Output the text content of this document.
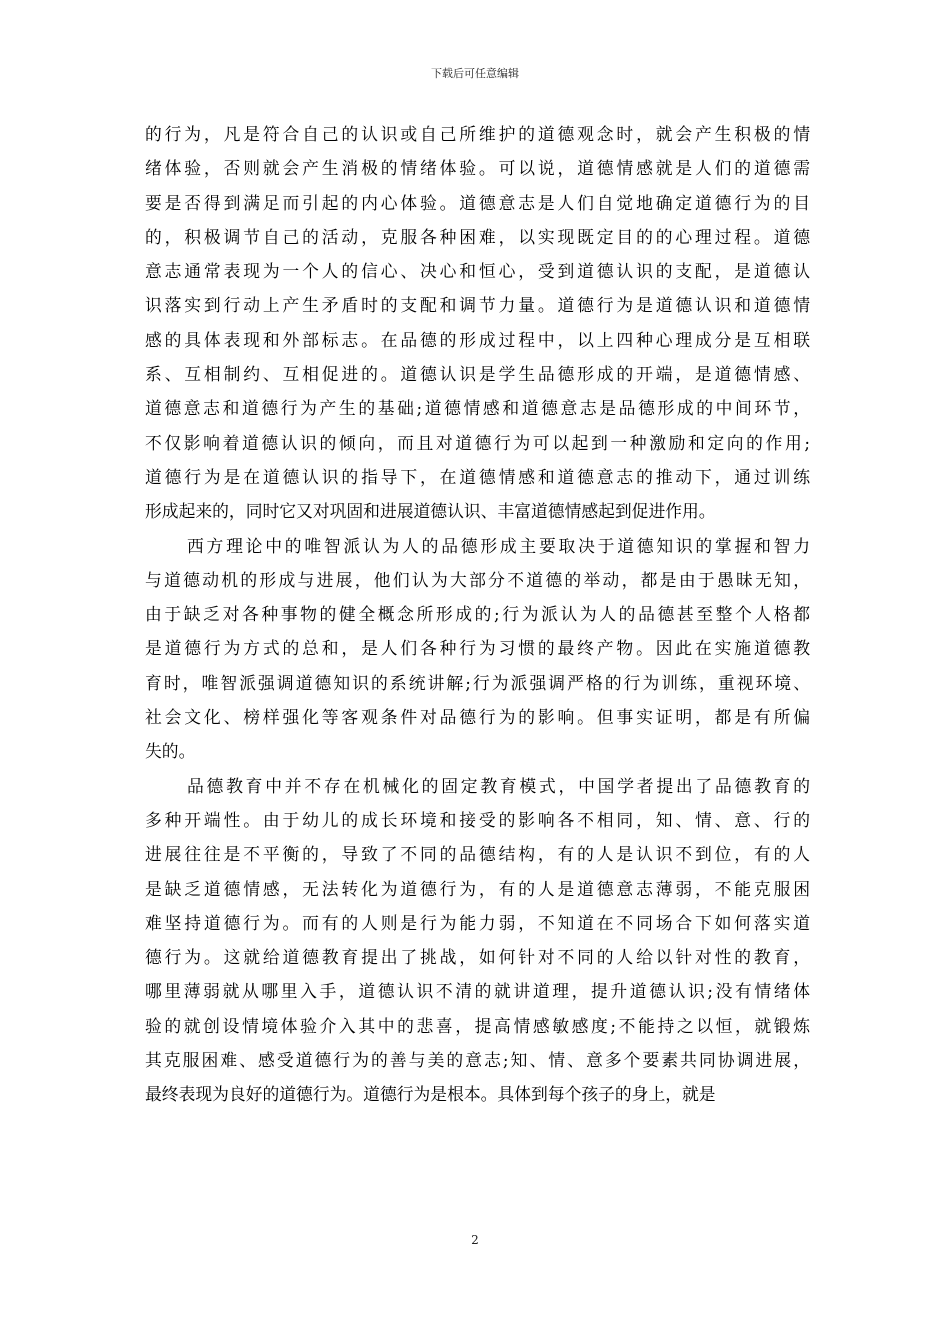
下载后可任意编辑
的行为，凡是符合自己的认识或自己所维护的道德观念时，就会产生积极的情
绪体验，否则就会产生消极的情绪体验。可以说，道德情感就是人们的道德需
要是否得到满足而引起的内心体验。道德意志是人们自觉地确定道德行为的目
的，积极调节自己的活动，克服各种困难，以实现既定目的的心理过程。道德
意志通常表现为一个人的信心、决心和恒心，受到道德认识的支配，是道德认
识落实到行动上产生矛盾时的支配和调节力量。道德行为是道德认识和道德情
感的具体表现和外部标志。在品德的形成过程中，以上四种心理成分是互相联
系、互相制约、互相促进的。道德认识是学生品德形成的开端，是道德情感、
道德意志和道德行为产生的基础;道德情感和道德意志是品德形成的中间环节，
不仅影响着道德认识的倾向，而且对道德行为可以起到一种激励和定向的作用;
道德行为是在道德认识的指导下，在道德情感和道德意志的推动下，通过训练
形成起来的，同时它又对巩固和进展道德认识、丰富道德情感起到促进作用。
西方理论中的唯智派认为人的品德形成主要取决于道德知识的掌握和智力
与道德动机的形成与进展，他们认为大部分不道德的举动，都是由于愚昧无知，
由于缺乏对各种事物的健全概念所形成的;行为派认为人的品德甚至整个人格都
是道德行为方式的总和，是人们各种行为习惯的最终产物。因此在实施道德教
育时，唯智派强调道德知识的系统讲解;行为派强调严格的行为训练，重视环境、
社会文化、榜样强化等客观条件对品德行为的影响。但事实证明，都是有所偏
失的。
品德教育中并不存在机械化的固定教育模式，中国学者提出了品德教育的
多种开端性。由于幼儿的成长环境和接受的影响各不相同，知、情、意、行的
进展往往是不平衡的，导致了不同的品德结构，有的人是认识不到位，有的人
是缺乏道德情感，无法转化为道德行为，有的人是道德意志薄弱，不能克服困
难坚持道德行为。而有的人则是行为能力弱，不知道在不同场合下如何落实道
德行为。这就给道德教育提出了挑战，如何针对不同的人给以针对性的教育，
哪里薄弱就从哪里入手，道德认识不清的就讲道理，提升道德认识;没有情绪体
验的就创设情境体验介入其中的悲喜，提高情感敏感度;不能持之以恒，就锻炼
其克服困难、感受道德行为的善与美的意志;知、情、意多个要素共同协调进展，
最终表现为良好的道德行为。道德行为是根本。具体到每个孩子的身上，就是
2
